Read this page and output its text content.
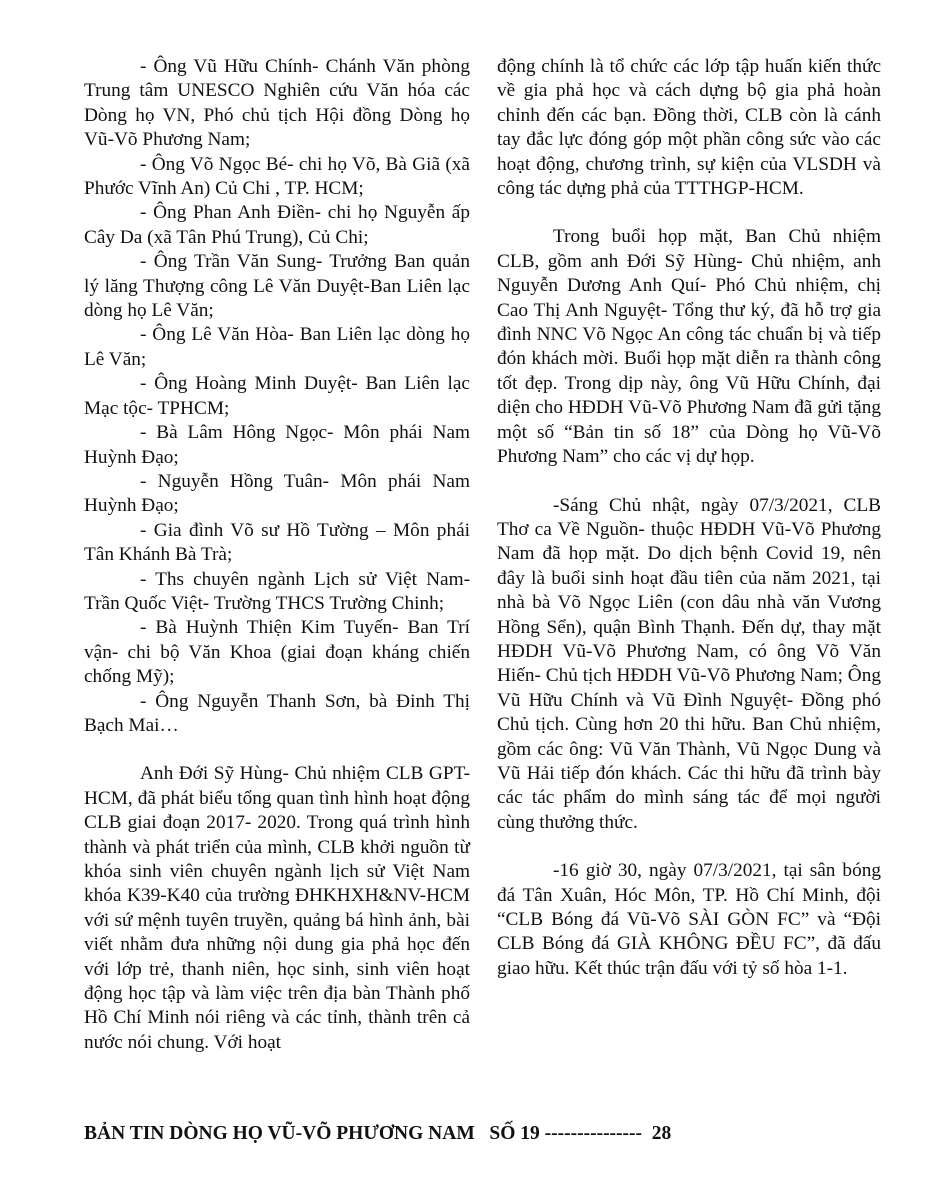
- Ông Vũ Hữu Chính- Chánh Văn phòng Trung tâm UNESCO Nghiên cứu Văn hóa các Dòng họ VN, Phó chủ tịch Hội đồng Dòng họ Vũ-Võ Phương Nam;

- Ông Võ Ngọc Bé- chi họ Võ, Bà Giã (xã Phước Vĩnh An) Củ Chi , TP. HCM;

- Ông Phan Anh Điền- chi họ Nguyễn ấp Cây Da (xã Tân Phú Trung), Củ Chi;

- Ông Trần Văn Sung- Trưởng Ban quản lý lăng Thượng công Lê Văn Duyệt-Ban Liên lạc dòng họ Lê Văn;

- Ông Lê Văn Hòa- Ban Liên lạc dòng họ Lê Văn;

- Ông Hoàng Minh Duyệt- Ban Liên lạc Mạc tộc- TPHCM;

- Bà Lâm Hông Ngọc- Môn phái Nam Huỳnh Đạo;

- Nguyễn Hồng Tuân- Môn phái Nam Huỳnh Đạo;

- Gia đình Võ sư Hồ Tường – Môn phái Tân Khánh Bà Trà;

- Ths chuyên ngành Lịch sử Việt Nam- Trần Quốc Việt- Trường THCS Trường Chinh;

- Bà Huỳnh Thiện Kim Tuyến- Ban Trí vận- chi bộ Văn Khoa (giai đoạn kháng chiến chống Mỹ);

- Ông Nguyễn Thanh Sơn, bà Đinh Thị Bạch Mai…

Anh Đới Sỹ Hùng- Chủ nhiệm CLB GPT-HCM, đã phát biểu tổng quan tình hình hoạt động CLB giai đoạn 2017- 2020. Trong quá trình hình thành và phát triển của mình, CLB khởi nguồn từ khóa sinh viên chuyên ngành lịch sử Việt Nam khóa K39-K40 của trường ĐHKHXH&NV-HCM với sứ mệnh tuyên truyền, quảng bá hình ảnh, bài viết nhằm đưa những nội dung gia phả học đến với lớp trẻ, thanh niên, học sinh, sinh viên hoạt động học tập và làm việc trên địa bàn Thành phố Hồ Chí Minh nói riêng và các tỉnh, thành trên cả nước nói chung. Với hoạt

động chính là tổ chức các lớp tập huấn kiến thức về gia phả học và cách dựng bộ gia phả hoàn chỉnh đến các bạn. Đồng thời, CLB còn là cánh tay đắc lực đóng góp một phần công sức vào các hoạt động, chương trình, sự kiện của VLSDH và công tác dựng phả của TTTHGP-HCM.

Trong buổi họp mặt, Ban Chủ nhiệm CLB, gồm anh Đới Sỹ Hùng- Chủ nhiệm, anh Nguyễn Dương Anh Quí- Phó Chủ nhiệm, chị Cao Thị Anh Nguyệt- Tổng thư ký, đã hỗ trợ gia đình NNC Võ Ngọc An công tác chuẩn bị và tiếp đón khách mời. Buổi họp mặt diễn ra thành công tốt đẹp. Trong dịp này, ông Vũ Hữu Chính, đại diện cho HĐDH Vũ-Võ Phương Nam đã gửi tặng một số “Bản tin số 18” của Dòng họ Vũ-Võ Phương Nam” cho các vị dự họp.

-Sáng Chủ nhật, ngày 07/3/2021, CLB Thơ ca Về Nguồn- thuộc HĐDH Vũ-Võ Phương Nam đã họp mặt. Do dịch bệnh Covid 19, nên đây là buổi sinh hoạt đầu tiên của năm 2021, tại nhà bà Võ Ngọc Liên (con dâu nhà văn Vương Hồng Sển), quận Bình Thạnh. Đến dự, thay mặt HĐDH Vũ-Võ Phương Nam, có ông Võ Văn Hiến- Chủ tịch HĐDH Vũ-Võ Phương Nam; Ông Vũ Hữu Chính và Vũ Đình Nguyệt- Đồng phó Chủ tịch. Cùng hơn 20 thi hữu. Ban Chủ nhiệm, gồm các ông: Vũ Văn Thành, Vũ Ngọc Dung và Vũ Hải tiếp đón khách. Các thi hữu đã trình bày các tác phẩm do mình sáng tác để mọi người cùng thưởng thức.

-16 giờ 30, ngày 07/3/2021, tại sân bóng đá Tân Xuân, Hóc Môn, TP. Hồ Chí Minh, đội “CLB Bóng đá Vũ-Võ SÀI GÒN FC” và “Đội CLB Bóng đá GIÀ KHÔNG ĐỀU FC”, đã đấu giao hữu. Kết thúc trận đấu với tỷ số hòa 1-1.

BẢN TIN DÒNG HỌ VŨ-VÕ PHƯƠNG NAM SỐ 19 --------------- 28
